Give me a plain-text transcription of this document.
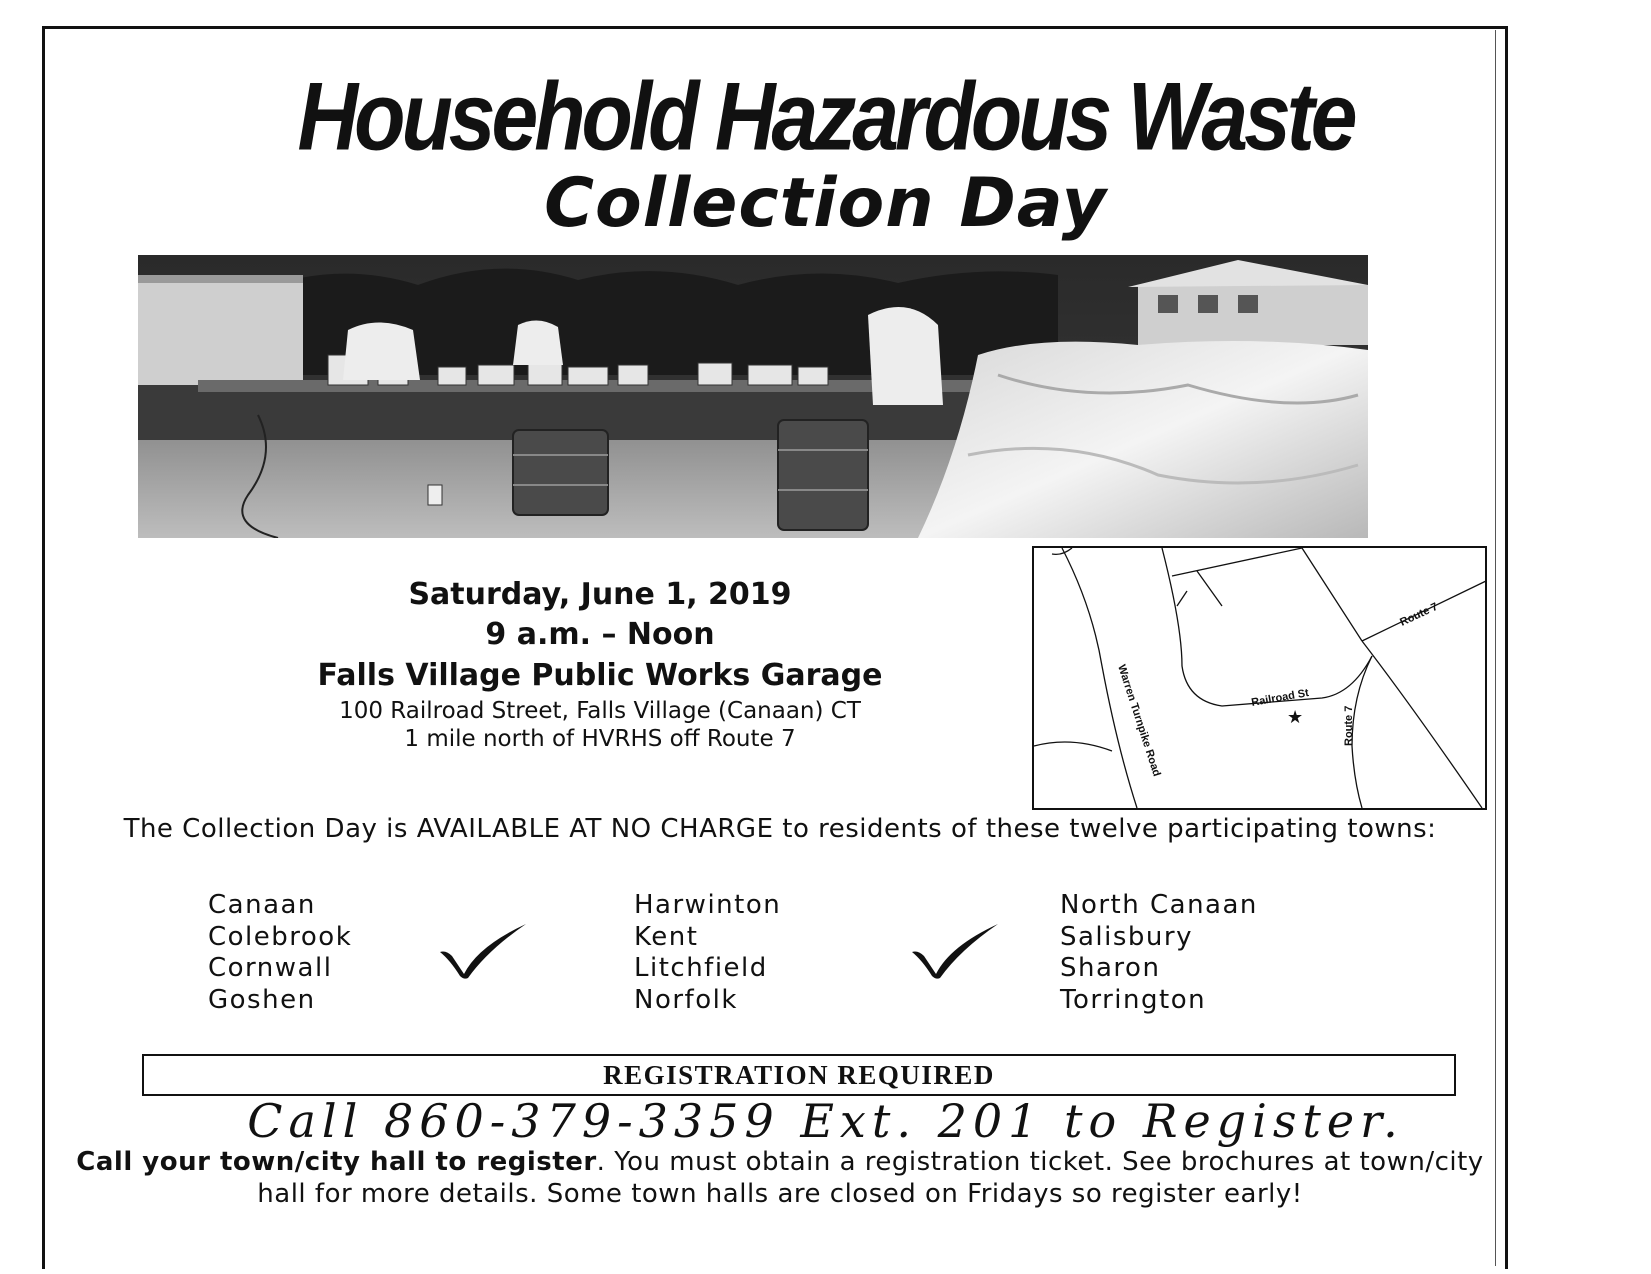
Household Hazardous Waste
Collection Day
Saturday, June 1, 2019
9 a.m. – Noon
Falls Village Public Works Garage
100 Railroad Street, Falls Village (Canaan) CT
1 mile north of HVRHS off Route 7	Warren Turnpike Road	Railroad St
Route 7
Route 7
★
The Collection Day is AVAILABLE AT NO CHARGE to residents of these twelve participating towns:
Canaan
Colebrook
Cornwall
Goshen
Harwinton
Kent
Litchfield
Norfolk
North Canaan
Salisbury
Sharon
Torrington
REGISTRATION REQUIRED
Call 860-379-3359 Ext. 201 to Register.
Call your town/city hall to register. You must obtain a registration ticket. See brochures at town/city hall for more details. Some town halls are closed on Fridays so register early!
